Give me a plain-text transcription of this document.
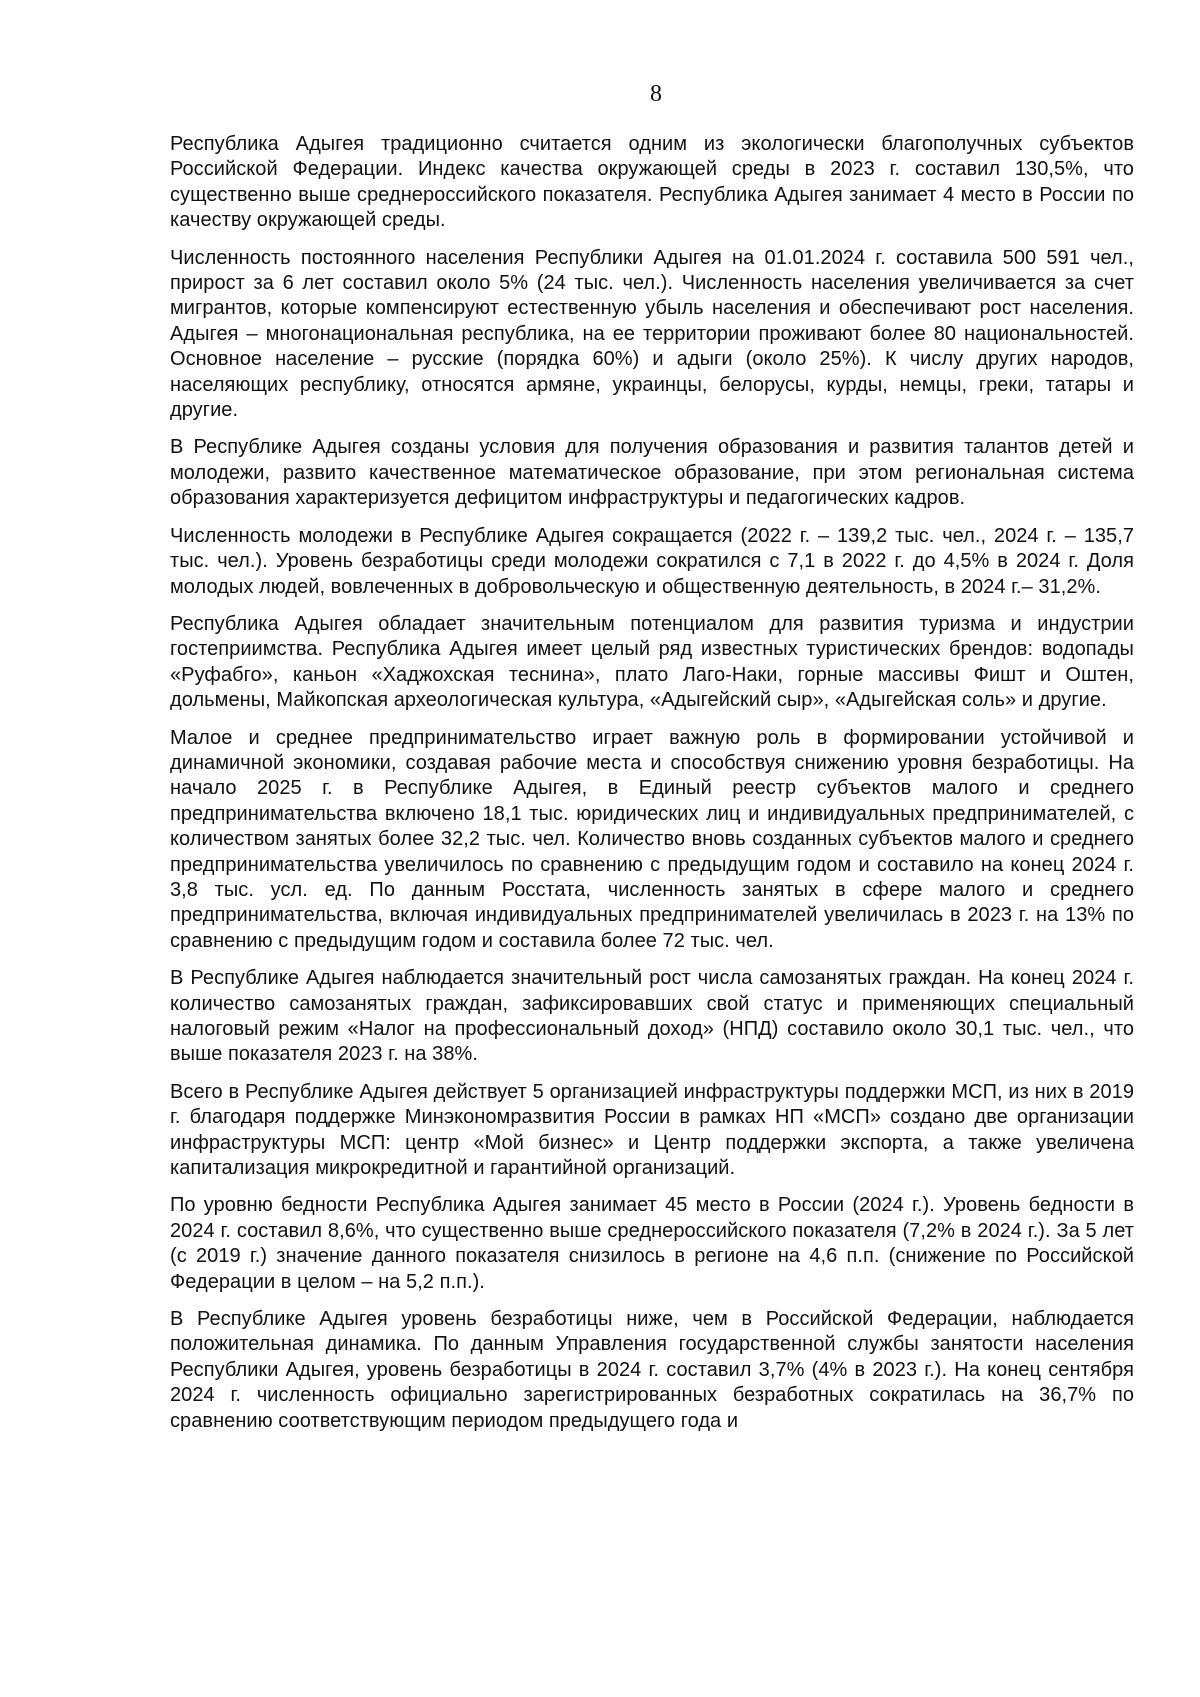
8

Республика Адыгея традиционно считается одним из экологически благополучных субъектов Российской Федерации. Индекс качества окружающей среды в 2023 г. составил 130,5%, что существенно выше среднероссийского показателя. Республика Адыгея занимает 4 место в России по качеству окружающей среды.

Численность постоянного населения Республики Адыгея на 01.01.2024 г. составила 500 591 чел., прирост за 6 лет составил около 5% (24 тыс. чел.). Численность населения увеличивается за счет мигрантов, которые компенсируют естественную убыль населения и обеспечивают рост населения. Адыгея – многонациональная республика, на ее территории проживают более 80 национальностей. Основное население – русские (порядка 60%) и адыги (около 25%). К числу других народов, населяющих республику, относятся армяне, украинцы, белорусы, курды, немцы, греки, татары и другие.

В Республике Адыгея созданы условия для получения образования и развития талантов детей и молодежи, развито качественное математическое образование, при этом региональная система образования характеризуется дефицитом инфраструктуры и педагогических кадров.

Численность молодежи в Республике Адыгея сокращается (2022 г. – 139,2 тыс. чел., 2024 г. – 135,7 тыс. чел.). Уровень безработицы среди молодежи сократился с 7,1 в 2022 г. до 4,5% в 2024 г. Доля молодых людей, вовлеченных в добровольческую и общественную деятельность, в 2024 г.– 31,2%.

Республика Адыгея обладает значительным потенциалом для развития туризма и индустрии гостеприимства. Республика Адыгея имеет целый ряд известных туристических брендов: водопады «Руфабго», каньон «Хаджохская теснина», плато Лаго-Наки, горные массивы Фишт и Оштен, дольмены, Майкопская археологическая культура, «Адыгейский сыр», «Адыгейская соль» и другие.

Малое и среднее предпринимательство играет важную роль в формировании устойчивой и динамичной экономики, создавая рабочие места и способствуя снижению уровня безработицы. На начало 2025 г. в Республике Адыгея, в Единый реестр субъектов малого и среднего предпринимательства включено 18,1 тыс. юридических лиц и индивидуальных предпринимателей, с количеством занятых более 32,2 тыс. чел. Количество вновь созданных субъектов малого и среднего предпринимательства увеличилось по сравнению с предыдущим годом и составило на конец 2024 г. 3,8 тыс. усл. ед. По данным Росстата, численность занятых в сфере малого и среднего предпринимательства, включая индивидуальных предпринимателей увеличилась в 2023 г. на 13% по сравнению с предыдущим годом и составила более 72 тыс. чел.

В Республике Адыгея наблюдается значительный рост числа самозанятых граждан. На конец 2024 г. количество самозанятых граждан, зафиксировавших свой статус и применяющих специальный налоговый режим «Налог на профессиональный доход» (НПД) составило около 30,1 тыс. чел., что выше показателя 2023 г. на 38%.

Всего в Республике Адыгея действует 5 организацией инфраструктуры поддержки МСП, из них в 2019 г. благодаря поддержке Минэкономразвития России в рамках НП «МСП» создано две организации инфраструктуры МСП: центр «Мой бизнес» и Центр поддержки экспорта, а также увеличена капитализация микрокредитной и гарантийной организаций.

По уровню бедности Республика Адыгея занимает 45 место в России (2024 г.). Уровень бедности в 2024 г. составил 8,6%, что существенно выше среднероссийского показателя (7,2% в 2024 г.). За 5 лет (с 2019 г.) значение данного показателя снизилось в регионе на 4,6 п.п. (снижение по Российской Федерации в целом – на 5,2 п.п.).

В Республике Адыгея уровень безработицы ниже, чем в Российской Федерации, наблюдается положительная динамика. По данным Управления государственной службы занятости населения Республики Адыгея, уровень безработицы в 2024 г. составил 3,7% (4% в 2023 г.). На конец сентября 2024 г. численность официально зарегистрированных безработных сократилась на 36,7% по сравнению соответствующим периодом предыдущего года и
